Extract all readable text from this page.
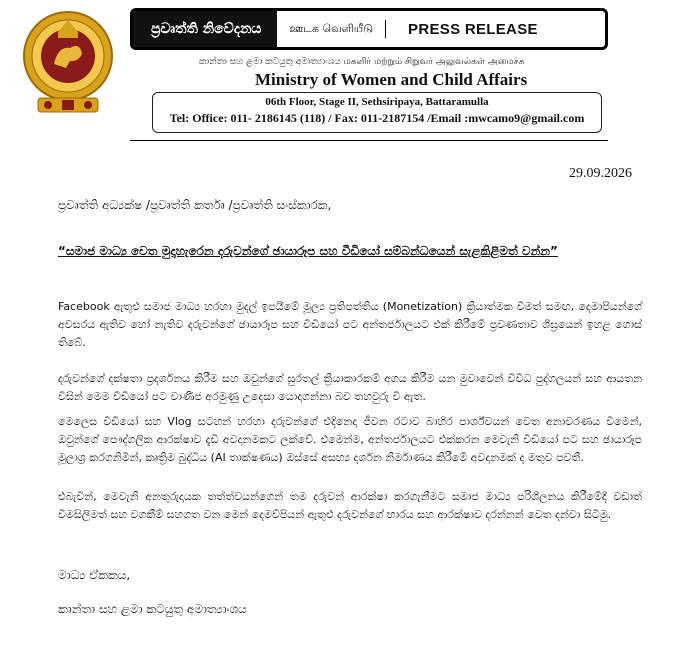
ප්‍රවෘත්ති නිවේදනය	ஊடக வெளியீடு	PRESS RELEASE
කාන්තා සහ ළමා කටයුතු අමාත්‍යාංශය மகளிர் மற்றும் சிறுவர் அலுவல்கள் அமைச்சு
Ministry of Women and Child Affairs
06th Floor, Stage II, Sethsiripaya, Battaramulla
Tel: Office: 011- 2186145 (118) / Fax: 011-2187154 /Email :mwcamo9@gmail.com
29.09.2026
ප්‍රවෘත්ති අධ්‍යක්ෂ /ප්‍රවෘත්ති කර්තෘ /ප්‍රවෘත්ති සංස්කාරක,
“සමාජ මාධ්‍ය වෙත මුදාහැරෙන දරුවන්ගේ ඡායාරූප සහ වීඩියෝ සම්බන්ධයෙන් සැළකිළිමත් වන්න”
Facebook ඇතුළු සමාජ මාධ්‍ය හරහා මුදල් ඉපයීමේ මූල්‍ය ප්‍රතිපත්තිය (Monetization) ක්‍රියාත්මක වීමත් සමඟ, දෙමාපියන්ගේ අවසරය ඇතිව හෝ නැතිව දරුවන්ගේ ඡායාරූප සහ වීඩියෝ පට අන්තර්ජාලයට එක් කිරීමේ ප්‍රවණතාව ශීඝ්‍රයෙන් ඉහළ ගොස් තිබේ.
දරුවන්ගේ දක්ෂතා ප්‍රදර්ශනය කිරීම සහ ඔවුන්ගේ සුරතල් ක්‍රියාකාරකම් අගය කිරීම යන මුවාවෙන් විවිධ පුද්ගලයන් සහ ආයතන විසින් මෙම වීඩියෝ පට වාණිජ අරමුණු උදෙසා යොදාගන්නා බව තහවුරු වී ඇත.
මෙලෙස වීඩියෝ සහ Vlog සටහන් හරහා දරුවන්ගේ එදිනෙදා ජීවන රටාව බාහිර පාර්ශ්වයන් වෙත අනාවරණය වීමෙන්, ඔවුන්ගේ පෞද්ගලික ආරක්ෂාව දැඩි අවදානමකට ලක්වේ. එමෙන්ම, අන්තර්ජාලයට එක්කරන මෙවැනි වීඩියෝ පට සහ ඡායාරූප මූලාශ්‍ර කරගනිමින්, කෘත්‍රිම බුද්ධිය (AI තාක්ෂණය) ඔස්සේ අසභ්‍ය දර්ශන නිර්මාණය කිරීමේ අවදානමක් ද මතුව පවතී.
එබැවින්, මෙවැනි අනතුරුදායක තත්ත්වයන්ගෙන් තම දරුවන් ආරක්ෂා කරගැනීමට සමාජ මාධ්‍ය පරිශීලනය කිරීමේදී වඩාත් විමසිලිමත් සහ වගකීම් සහගත වන මෙන් දෙමව්පියන් ඇතුළු දරුවන්ගේ භාරය සහ ආරක්ෂාව දරන්නන් වෙත දන්වා සිටිමු.
මාධ්‍ය ඒකකය,
කාන්තා සහ ළමා කටයුතු අමාත්‍යාංශය
